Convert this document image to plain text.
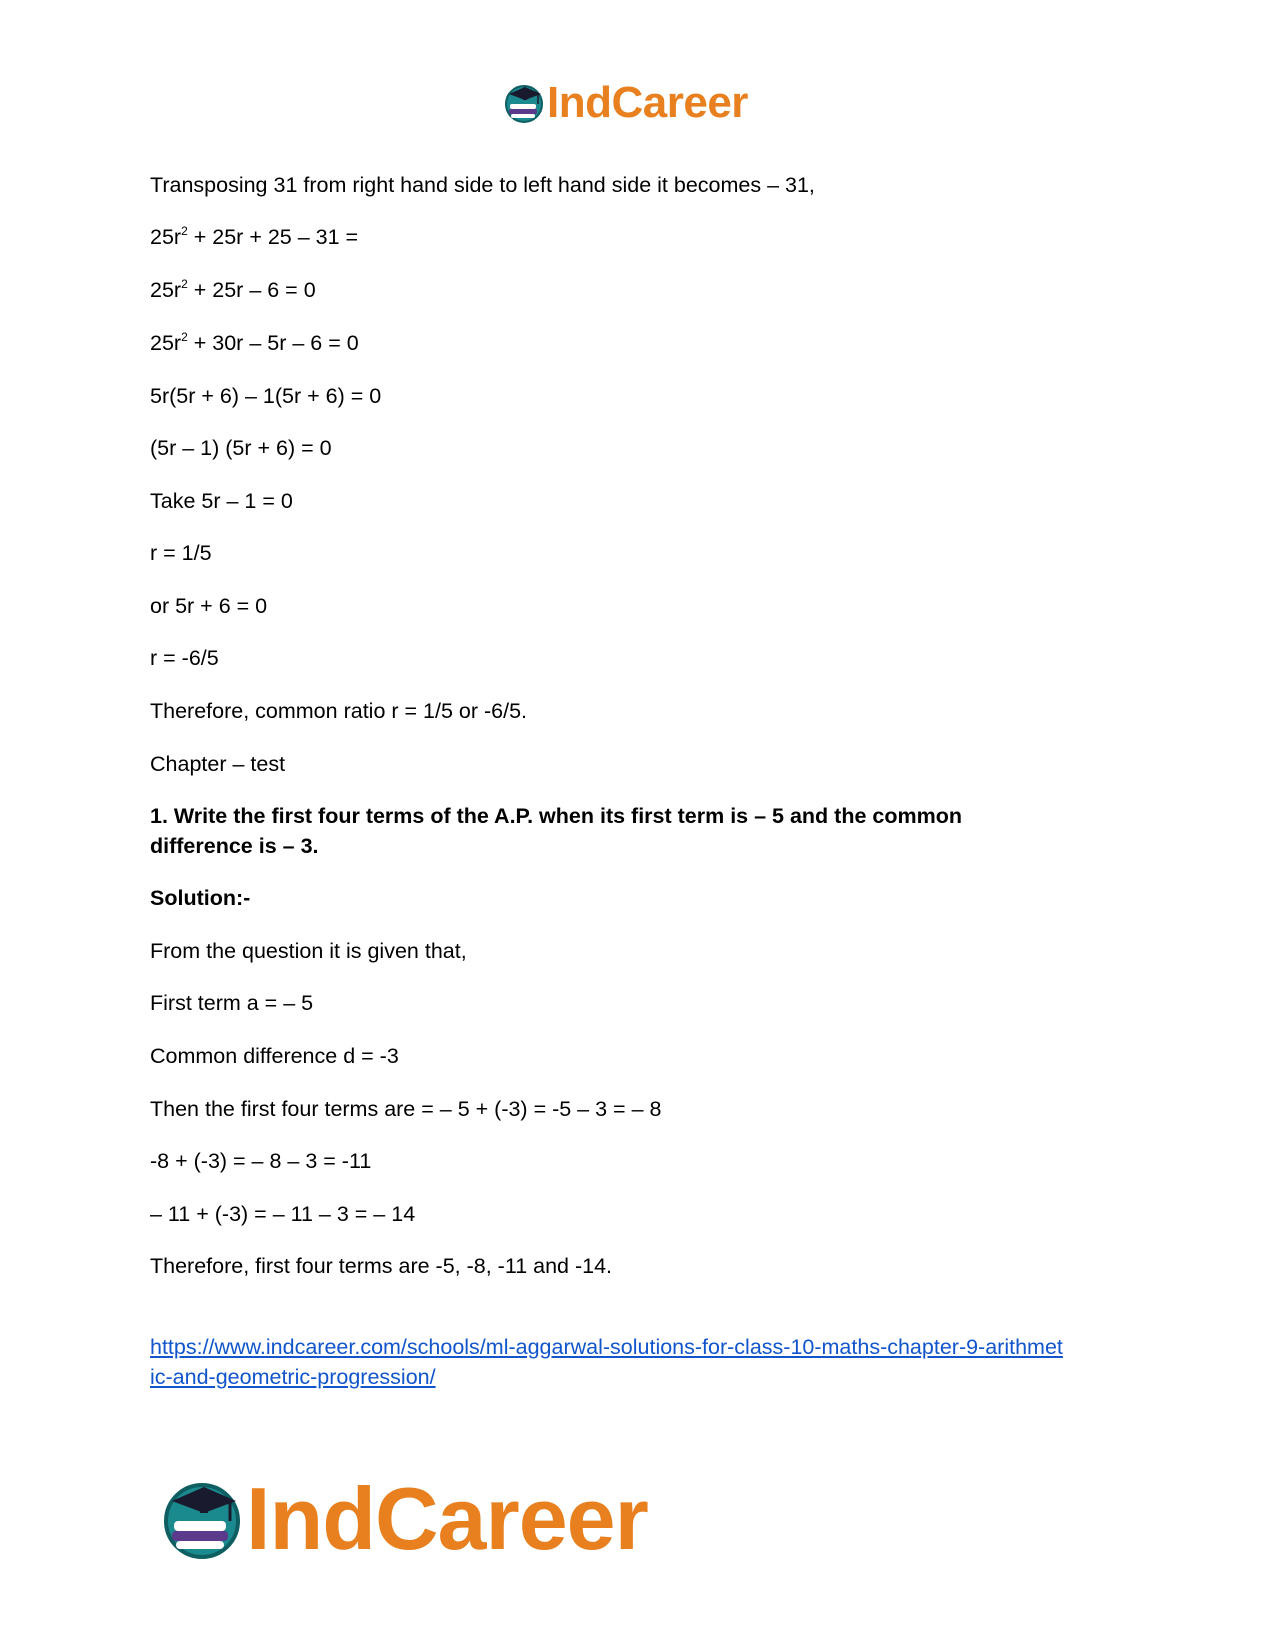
IndCareer
Transposing 31 from right hand side to left hand side it becomes – 31,
$25r^2 + 25r + 25 - 31$ =
$25r^2 + 25r - 6 = 0$
$25r^2 + 30r - 5r - 6 = 0$
5r(5r + 6) – 1(5r + 6) = 0
(5r – 1) (5r + 6) = 0
Take 5r – 1 = 0
r = 1/5
or 5r + 6 = 0
r = -6/5
Therefore, common ratio r = 1/5 or -6/5.
Chapter – test
1. Write the first four terms of the A.P. when its first term is – 5 and the common
difference is – 3.
Solution:-
From the question it is given that,
First term a = – 5
Common difference d = -3
Then the first four terms are = – 5 + (-3) = -5 – 3 = – 8
-8 + (-3) = – 8 – 3 = -11
– 11 + (-3) = – 11 – 3 = – 14
Therefore, first four terms are -5, -8, -11 and -14.
https://www.indcareer.com/schools/ml-aggarwal-solutions-for-class-10-maths-chapter-9-arithmet
ic-and-geometric-progression/
IndCareer
